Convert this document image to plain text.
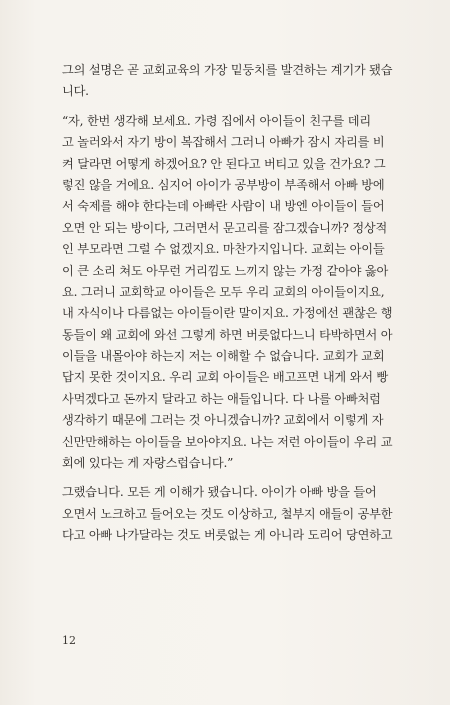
그의 설명은 곧 교회교육의 가장 밑둥치를 발견하는 계기가 됐습
니다.

“자, 한번 생각해 보세요. 가령 집에서 아이들이 친구를 데리
고 놀러와서 자기 방이 복잡해서 그러니 아빠가 잠시 자리를 비
켜 달라면 어떻게 하겠어요? 안 된다고 버티고 있을 건가요? 그
렇진 않을 거에요. 심지어 아이가 공부방이 부족해서 아빠 방에
서 숙제를 해야 한다는데 아빠란 사람이 내 방엔 아이들이 들어
오면 안 되는 방이다, 그러면서 문고리를 잠그겠습니까? 정상적
인 부모라면 그럴 수 없겠지요. 마찬가지입니다. 교회는 아이들
이 큰 소리 쳐도 아무런 거리낌도 느끼지 않는 가정 같아야 옳아
요. 그러니 교회학교 아이들은 모두 우리 교회의 아이들이지요,
내 자식이나 다름없는 아이들이란 말이지요. 가정에선 괜찮은 행
동들이 왜 교회에 와선 그렇게 하면 버릇없다느니 타박하면서 아
이들을 내몰아야 하는지 저는 이해할 수 없습니다. 교회가 교회
답지 못한 것이지요. 우리 교회 아이들은 배고프면 내게 와서 빵
사먹겠다고 돈까지 달라고 하는 애들입니다. 다 나를 아빠처럼
생각하기 때문에 그러는 것 아니겠습니까? 교회에서 이렇게 자
신만만해하는 아이들을 보아야지요. 나는 저런 아이들이 우리 교
회에 있다는 게 자랑스럽습니다.”

그랬습니다. 모든 게 이해가 됐습니다. 아이가 아빠 방을 들어
오면서 노크하고 들어오는 것도 이상하고, 철부지 애들이 공부한
다고 아빠 나가달라는 것도 버릇없는 게 아니라 도리어 당연하고

12
